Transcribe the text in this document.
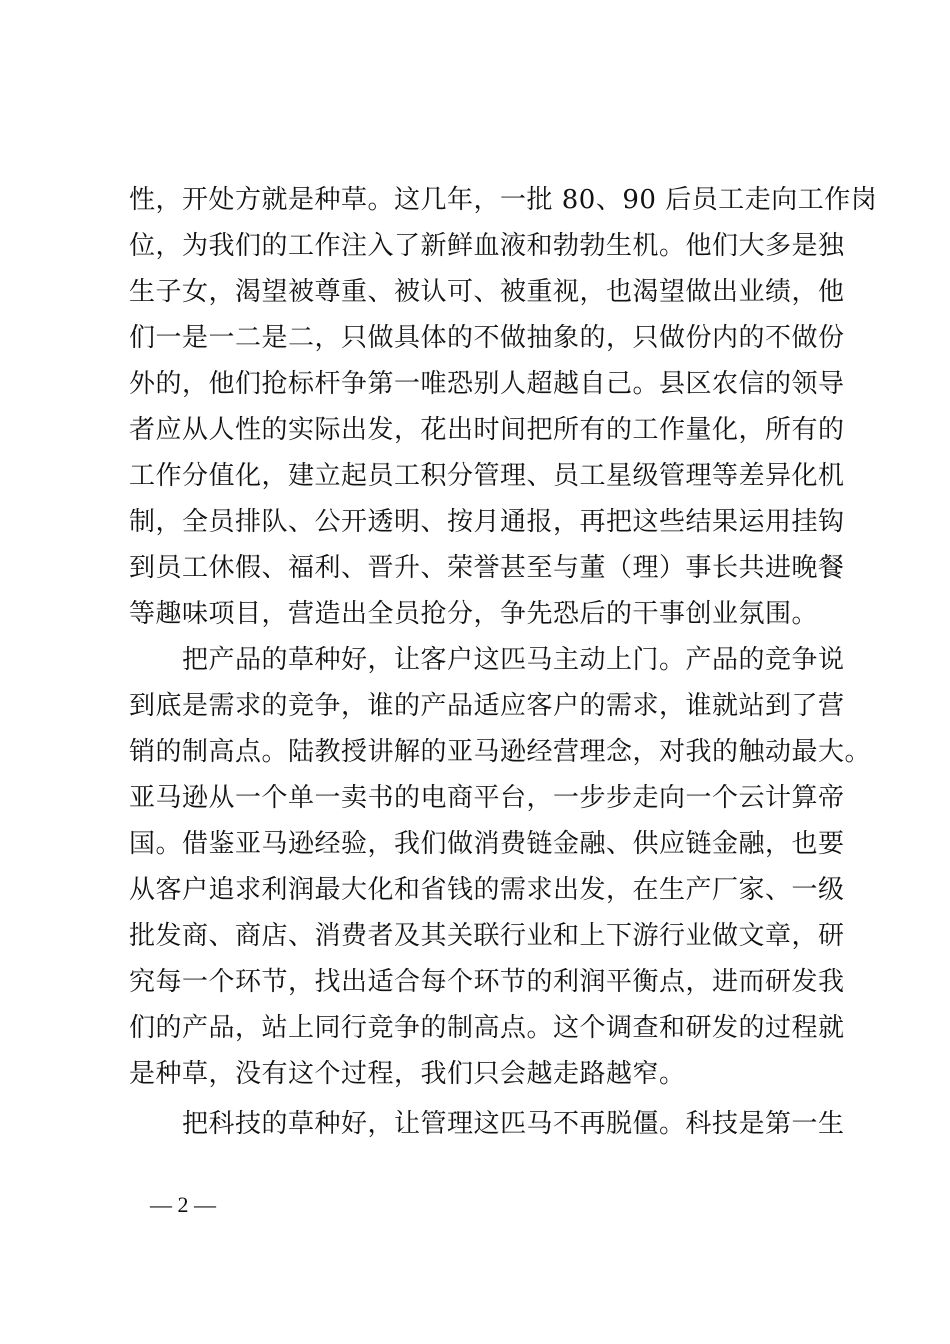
性，开处方就是种草。这几年，一批 80、90 后员工走向工作岗
位，为我们的工作注入了新鲜血液和勃勃生机。他们大多是独
生子女，渴望被尊重、被认可、被重视，也渴望做出业绩，他
们一是一二是二，只做具体的不做抽象的，只做份内的不做份
外的，他们抢标杆争第一唯恐别人超越自己。县区农信的领导
者应从人性的实际出发，花出时间把所有的工作量化，所有的
工作分值化，建立起员工积分管理、员工星级管理等差异化机
制，全员排队、公开透明、按月通报，再把这些结果运用挂钩
到员工休假、福利、晋升、荣誉甚至与董（理）事长共进晚餐
等趣味项目，营造出全员抢分，争先恐后的干事创业氛围。
　　把产品的草种好，让客户这匹马主动上门。产品的竞争说
到底是需求的竞争，谁的产品适应客户的需求，谁就站到了营
销的制高点。陆教授讲解的亚马逊经营理念，对我的触动最大。
亚马逊从一个单一卖书的电商平台，一步步走向一个云计算帝
国。借鉴亚马逊经验，我们做消费链金融、供应链金融，也要
从客户追求利润最大化和省钱的需求出发，在生产厂家、一级
批发商、商店、消费者及其关联行业和上下游行业做文章，研
究每一个环节，找出适合每个环节的利润平衡点，进而研发我
们的产品，站上同行竞争的制高点。这个调查和研发的过程就
是种草，没有这个过程，我们只会越走路越窄。
　　把科技的草种好，让管理这匹马不再脱僵。科技是第一生
— 2 —
